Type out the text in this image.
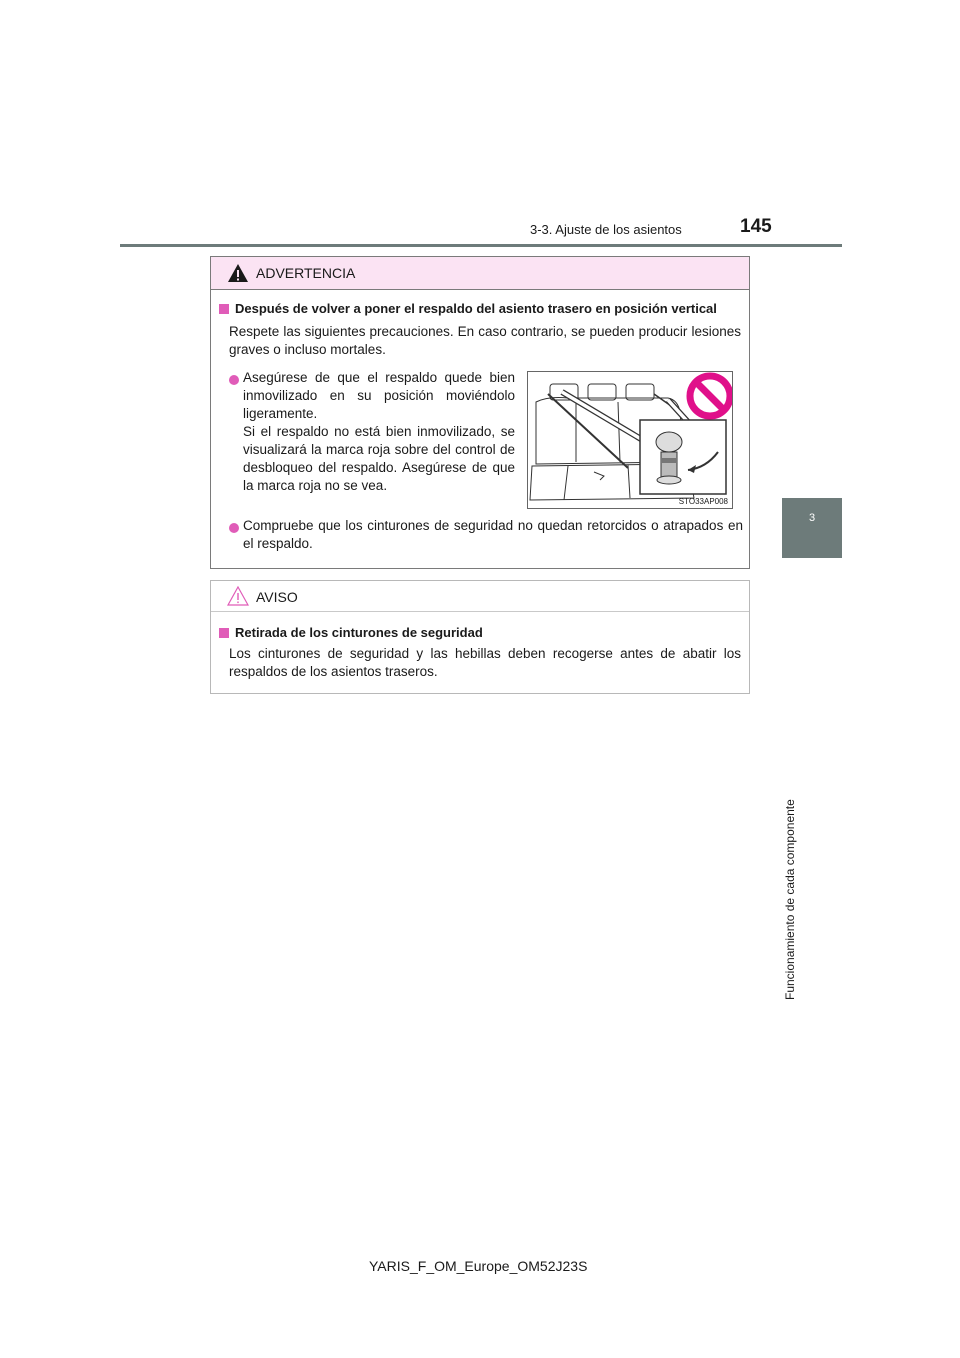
3-3. Ajuste de los asientos	145
3
Funcionamiento de cada componente
ADVERTENCIA
Después de volver a poner el respaldo del asiento trasero en posición vertical
Respete las siguientes precauciones. En caso contrario, se pueden producir lesiones graves o incluso mortales.
Asegúrese de que el respaldo quede bien
inmovilizado en su posición moviéndolo
ligeramente.
Si el respaldo no está bien inmovilizado, se
visualizará la marca roja sobre del control de
desbloqueo del respaldo. Asegúrese de que
la marca roja no se vea.
STO33AP008
Compruebe que los cinturones de seguridad no quedan retorcidos o atrapados en el respaldo.
AVISO
Retirada de los cinturones de seguridad
Los cinturones de seguridad y las hebillas deben recogerse antes de abatir los respaldos de los asientos traseros.
YARIS_F_OM_Europe_OM52J23S
